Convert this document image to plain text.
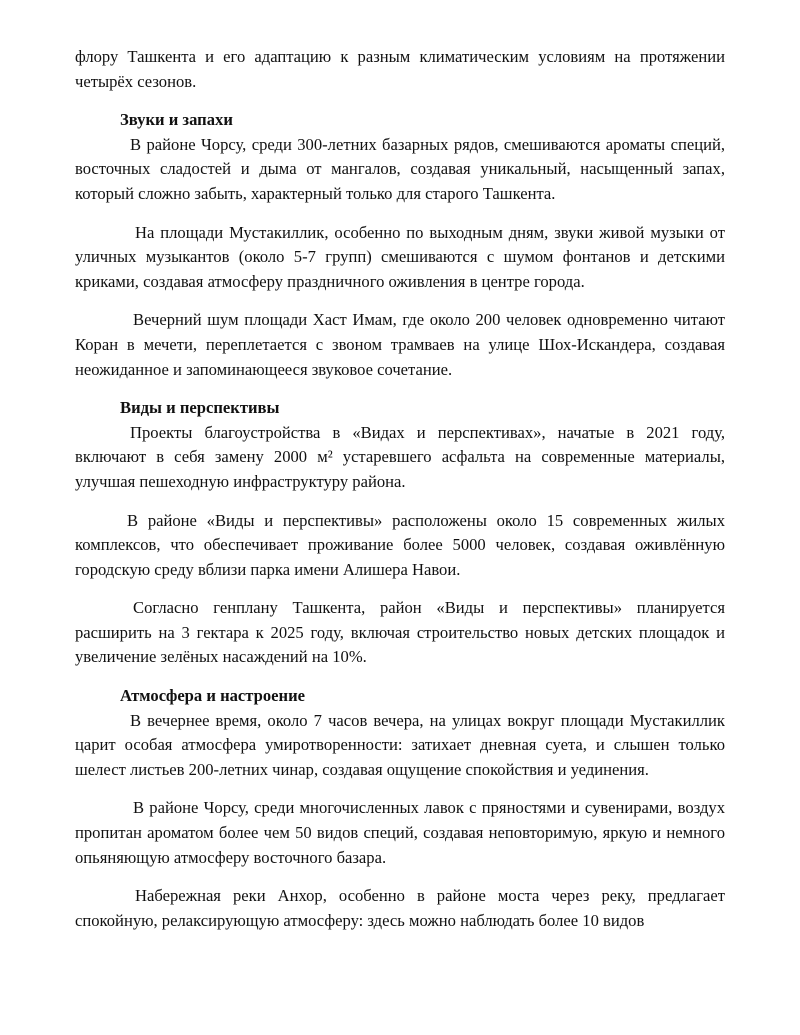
флору Ташкента и его адаптацию к разным климатическим условиям на протяжении четырёх сезонов.

Звуки и запахи

В районе Чорсу, среди 300-летних базарных рядов, смешиваются ароматы специй, восточных сладостей и дыма от мангалов, создавая уникальный, насыщенный запах, который сложно забыть, характерный только для старого Ташкента.

На площади Мустакиллик, особенно по выходным дням, звуки живой музыки от уличных музыкантов (около 5-7 групп) смешиваются с шумом фонтанов и детскими криками, создавая атмосферу праздничного оживления в центре города.

Вечерний шум площади Хаст Имам, где около 200 человек одновременно читают Коран в мечети, переплетается с звоном трамваев на улице Шох-Искандера, создавая неожиданное и запоминающееся звуковое сочетание.

Виды и перспективы

Проекты благоустройства в «Видах и перспективах», начатые в 2021 году, включают в себя замену 2000 м² устаревшего асфальта на современные материалы, улучшая пешеходную инфраструктуру района.

В районе «Виды и перспективы» расположены около 15 современных жилых комплексов, что обеспечивает проживание более 5000 человек, создавая оживлённую городскую среду вблизи парка имени Алишера Навои.

Согласно генплану Ташкента, район «Виды и перспективы» планируется расширить на 3 гектара к 2025 году, включая строительство новых детских площадок и увеличение зелёных насаждений на 10%.

Атмосфера и настроение

В вечернее время, около 7 часов вечера, на улицах вокруг площади Мустакиллик царит особая атмосфера умиротворенности: затихает дневная суета, и слышен только шелест листьев 200-летних чинар, создавая ощущение спокойствия и уединения.

В районе Чорсу, среди многочисленных лавок с пряностями и сувенирами, воздух пропитан ароматом более чем 50 видов специй, создавая неповторимую, яркую и немного опьяняющую атмосферу восточного базара.

Набережная реки Анхор, особенно в районе моста через реку, предлагает спокойную, релаксирующую атмосферу: здесь можно наблюдать более 10 видов
